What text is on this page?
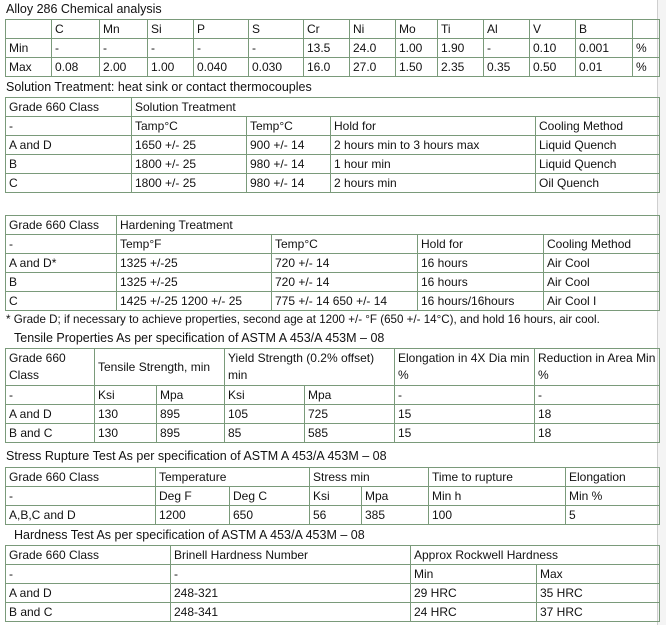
Alloy 286 Chemical analysis
	C	Mn	Si	P	S	Cr	Ni	Mo	Ti	Al	V	B	
Min	-	-	-	-	-	13.5	24.0	1.00	1.90	-	0.10	0.001	%
Max	0.08	2.00	1.00	0.040	0.030	16.0	27.0	1.50	2.35	0.35	0.50	0.01	%
Solution Treatment: heat sink or contact thermocouples
Grade 660 Class	Solution Treatment			
-	Tamp°C	Temp°C	Hold for	Cooling Method
A and D	1650 +/- 25	900 +/- 14	2 hours min to 3 hours max	Liquid Quench
B	1800 +/- 25	980 +/- 14	1 hour min	Liquid Quench
C	1800 +/- 25	980 +/- 14	2 hours min	Oil Quench
Grade 660 Class	Hardening Treatment			
-	Temp°F	Temp°C	Hold for	Cooling Method
A and D*	1325 +/-25	720 +/- 14	16 hours	Air Cool
B	1325 +/-25	720 +/- 14	16 hours	Air Cool
C	1425 +/-25 1200 +/- 25	775 +/- 14 650 +/- 14	16 hours/16hours	Air Cool I
* Grade D; if necessary to achieve properties, second age at 1200 +/- °F (650 +/- 14°C), and hold 16 hours, air cool.
Tensile Properties As per specification of ASTM A 453/A 453M – 08
Grade 660 Class	Tensile Strength, min		Yield Strength (0.2% offset) min		Elongation in 4X Dia min %	Reduction in Area Min %
-	Ksi	Mpa	Ksi	Mpa	-	-
A and D	130	895	105	725	15	18
B and C	130	895	85	585	15	18
Stress Rupture Test As per specification of ASTM A 453/A 453M – 08
Grade 660 Class	Temperature		Stress min		Time to rupture	Elongation
-	Deg F	Deg C	Ksi	Mpa	Min h	Min %
A,B,C and D	1200	650	56	385	100	5
Hardness Test As per specification of ASTM A 453/A 453M – 08
Grade 660 Class	Brinell Hardness Number	Approx Rockwell Hardness	
-	-	Min	Max
A and D	248-321	29 HRC	35 HRC
B and C	248-341	24 HRC	37 HRC
